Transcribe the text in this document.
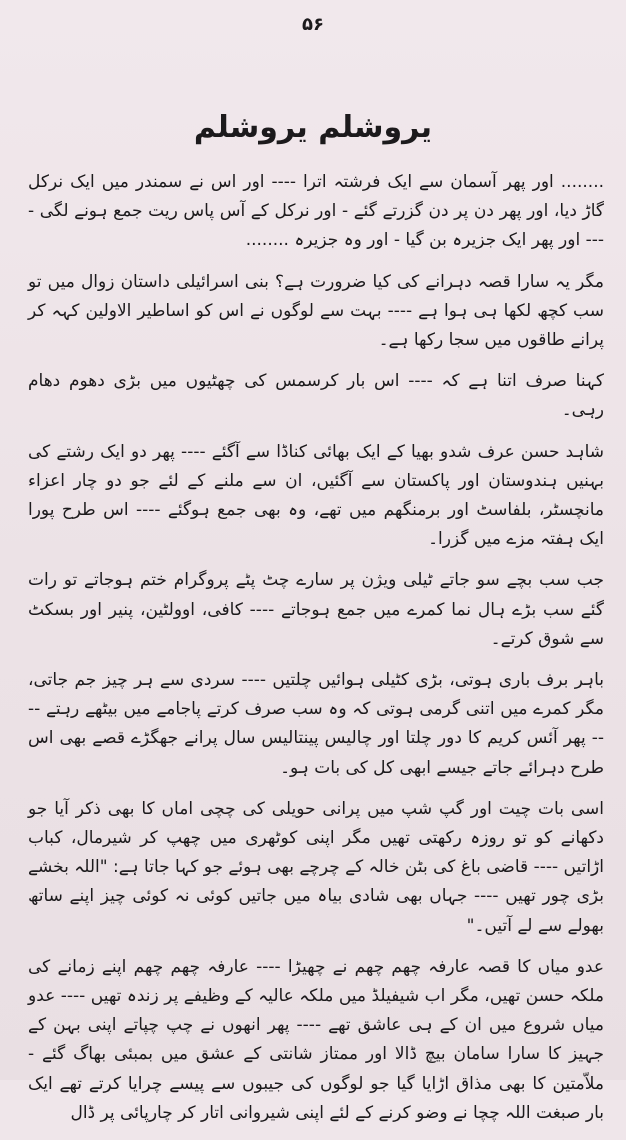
۵۶
یروشلم یروشلم

........ اور پھر آسمان سے ایک فرشتہ اترا ---- اور اس نے سمندر میں ایک نرکل گاڑ دیا، اور پھر دن پر دن گزرتے گئے - اور نرکل کے آس پاس ریت جمع ہونے لگی ---- اور پھر ایک جزیرہ بن گیا - اور وہ جزیرہ ........

مگر یہ سارا قصہ دہرانے کی کیا ضرورت ہے؟ بنی اسرائیلی داستان زوال میں تو سب کچھ لکھا ہی ہوا ہے ---- بہت سے لوگوں نے اس کو اساطیر الاولین کہہ کر پرانے طاقوں میں سجا رکھا ہے۔

کہنا صرف اتنا ہے کہ ---- اس بار کرسمس کی چھٹیوں میں بڑی دھوم دھام رہی۔

شاہد حسن عرف شدو بھیا کے ایک بھائی کناڈا سے آگئے ---- پھر دو ایک رشتے کی بہنیں ہندوستان اور پاکستان سے آگئیں، ان سے ملنے کے لئے جو دو چار اعزاء مانچسٹر، بلفاسٹ اور برمنگھم میں تھے، وہ بھی جمع ہوگئے ---- اس طرح پورا ایک ہفتہ مزے میں گزرا۔

جب سب بچے سو جاتے ٹیلی ویژن پر سارے چٹ پٹے پروگرام ختم ہوجاتے تو رات گئے سب بڑے ہال نما کمرے میں جمع ہوجاتے ---- کافی، اوولٹین، پنیر اور بسکٹ سے شوق کرتے۔

باہر برف باری ہوتی، بڑی کٹیلی ہوائیں چلتیں ---- سردی سے ہر چیز جم جاتی، مگر کمرے میں اتنی گرمی ہوتی کہ وہ سب صرف کرتے پاجامے میں بیٹھے رہتے ---- پھر آئس کریم کا دور چلتا اور چالیس پینتالیس سال پرانے جھگڑے قصے بھی اس طرح دہرائے جاتے جیسے ابھی کل کی بات ہو۔

اسی بات چیت اور گپ شپ میں پرانی حویلی کی چچی اماں کا بھی ذکر آیا جو دکھانے کو تو روزہ رکھتی تھیں مگر اپنی کوٹھری میں چھپ کر شیرمال، کباب اڑاتیں ---- قاضی باغ کی بٹن خالہ کے چرچے بھی ہوئے جو کہا جاتا ہے: "اللہ بخشے بڑی چور تھیں ---- جہاں بھی شادی بیاہ میں جاتیں کوئی نہ کوئی چیز اپنے ساتھ بھولے سے لے آتیں۔"

عدو میاں کا قصہ عارفہ چھم چھم نے چھیڑا ---- عارفہ چھم چھم اپنے زمانے کی ملکہ حسن تھیں، مگر اب شیفیلڈ میں ملکہ عالیہ کے وظیفے پر زندہ تھیں ---- عدو میاں شروع میں ان کے ہی عاشق تھے ---- پھر انھوں نے چپ چپاتے اپنی بہن کے جہیز کا سارا سامان بیچ ڈالا اور ممتاز شانتی کے عشق میں بمبئی بھاگ گئے - ملاّمتین کا بھی مذاق اڑایا گیا جو لوگوں کی جیبوں سے پیسے چرایا کرتے تھے ایک بار صبغت اللہ چچا نے وضو کرنے کے لئے اپنی شیروانی اتار کر چارپائی پر ڈال
